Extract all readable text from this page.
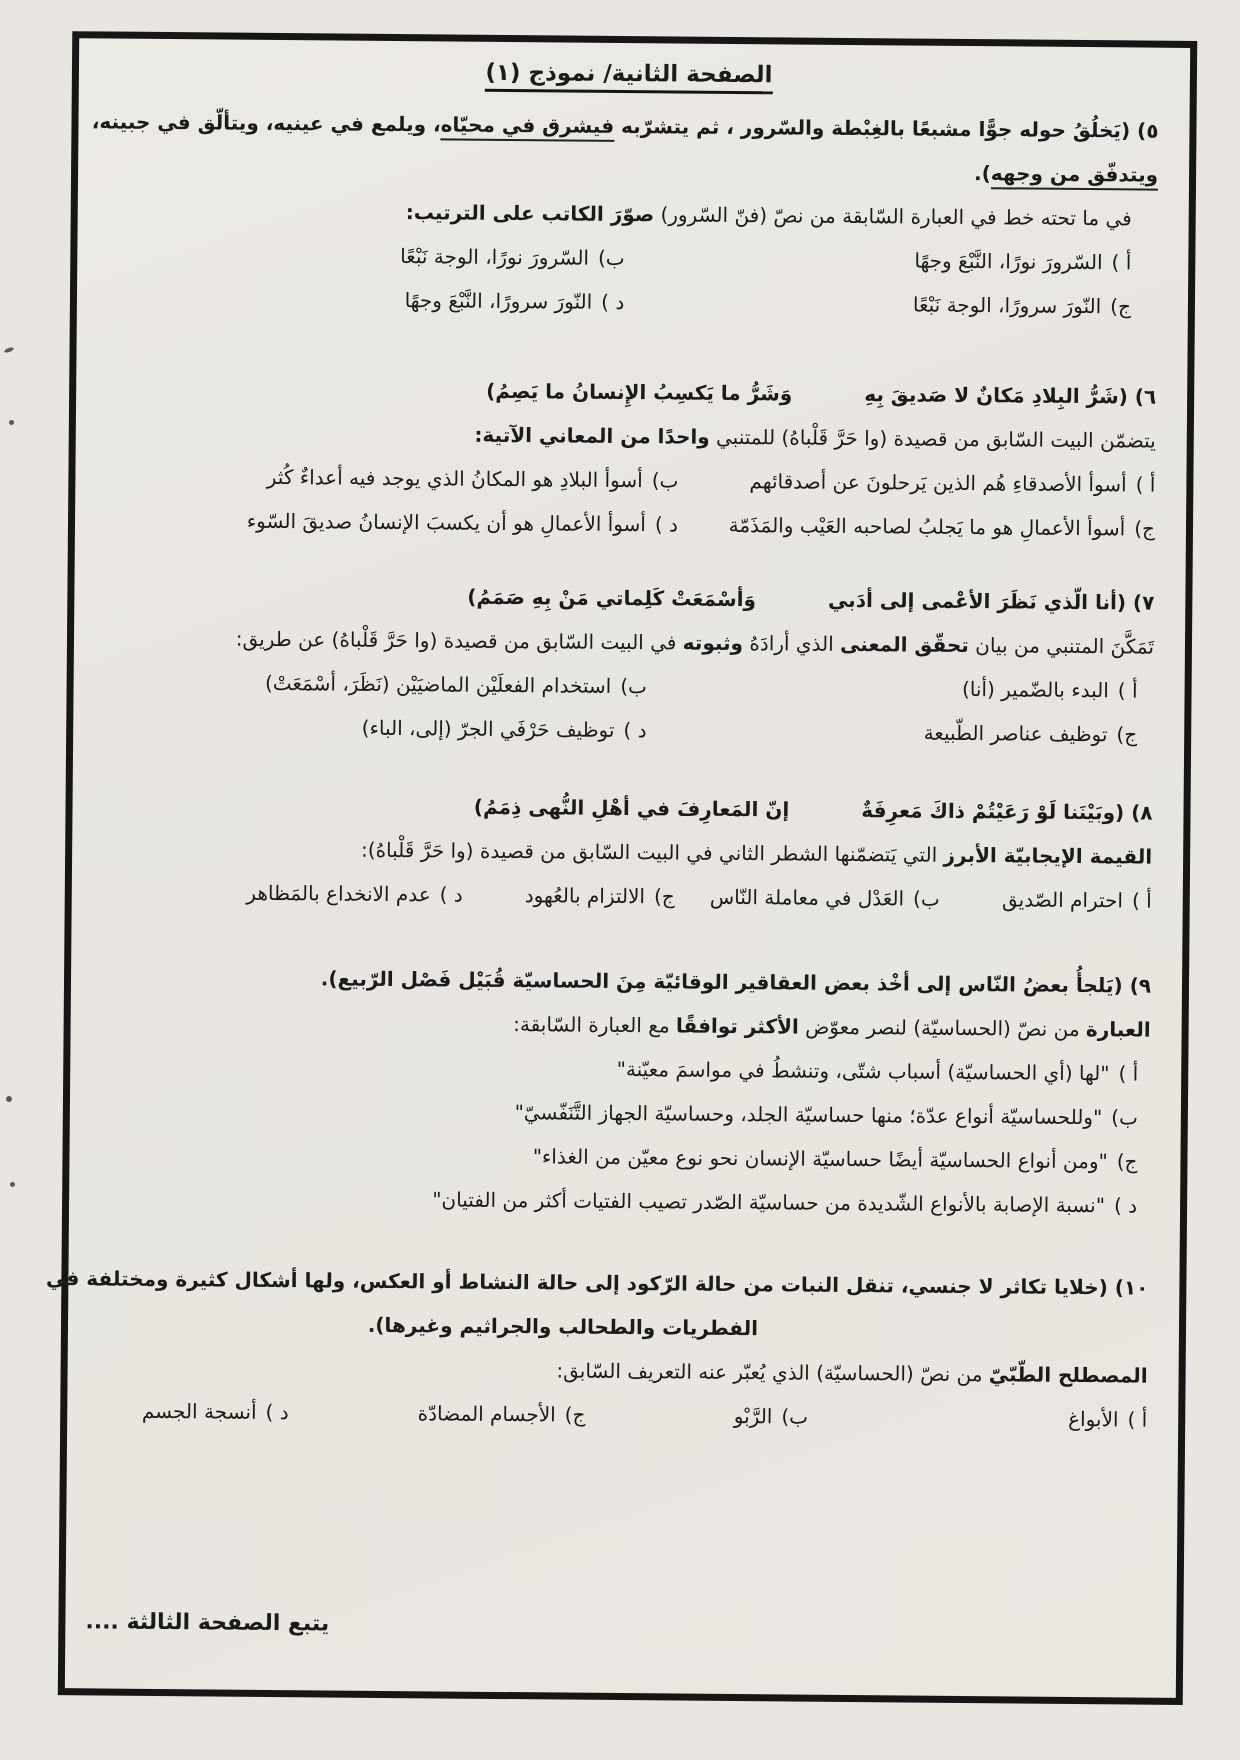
الصفحة الثانية/ نموذج (١)
٥) (يَخلُقُ حوله جوًّا مشبعًا بالغِبْطة والسّرور ، ثم يتشرّبه فيشرق في محيّاه، ويلمع في عينيه، ويتألّق في جبينه،
ويتدفّق من وجهه).
في ما تحته خط في العبارة السّابقة من نصّ (فنّ السّرور) صوّرَ الكاتب على الترتيب:
أ )السّرورَ نورًا، النَّبْعَ وجهًا
ب)السّرورَ نورًا، الوجة نَبْعًا
ج)النّورَ سرورًا، الوجة نَبْعًا
د )النّورَ سرورًا، النَّبْعَ وجهًا
٦) (شَرُّ البِلادِ مَكانٌ لا صَديقَ بِهِوَشَرُّ ما يَكسِبُ الإِنسانُ ما يَصِمُ)
يتضمّن البيت السّابق من قصيدة (وا حَرَّ قَلْباهُ) للمتنبي واحدًا من المعاني الآتية:
أ )أسوأ الأصدقاءِ هُم الذين يَرحلونَ عن أصدقائهم
ب)أسوأ البلادِ هو المكانُ الذي يوجد فيه أعداءٌ كُثر
ج)أسوأ الأعمالِ هو ما يَجلبُ لصاحبه العَيْب والمَذَمّة
د )أسوأ الأعمالِ هو أن يكسبَ الإنسانُ صديقَ السّوء
٧) (أنا الّذي نَظَرَ الأعْمى إلى أدَبيوَأسْمَعَتْ كَلِماتي مَنْ بِهِ صَمَمُ)
تَمَكَّنَ المتنبي من بيان تحقّق المعنى الذي أرادَهُ وثبوته في البيت السّابق من قصيدة (وا حَرَّ قَلْباهُ) عن طريق:
أ )البدء بالضّمير (أنا)
ب)استخدام الفعلَيْن الماضيَيْن (نَظَرَ، أسْمَعَتْ)
ج)توظيف عناصر الطّبيعة
د )توظيف حَرْفَي الجرّ (إلى، الباء)
٨) (وبَيْنَنا لَوْ رَعَيْتُمْ ذاكَ مَعرِفَةٌإنّ المَعارِفَ في أهْلِ النُّهى ذِمَمُ)
القيمة الإيجابيّة الأبرز التي يَتضمّنها الشطر الثاني في البيت السّابق من قصيدة (وا حَرَّ قَلْباهُ):
أ )احترام الصّديق
ب)العَدْل في معاملة النّاس
ج)الالتزام بالعُهود
د )عدم الانخداع بالمَظاهر
٩) (يَلجأُ بعضُ النّاس إلى أخْذ بعض العقاقير الوقائيّة مِنَ الحساسيّة قُبَيْل فَصْل الرّبيع).
العبارة من نصّ (الحساسيّة) لنصر معوّض الأكثر توافقًا مع العبارة السّابقة:
أ )"لها (أي الحساسيّة) أسباب شتّى، وتنشطُ في مواسمَ معيّنة"
ب)"وللحساسيّة أنواع عدّة؛ منها حساسيّة الجلد، وحساسيّة الجهاز التَّنَفّسيّ"
ج)"ومن أنواع الحساسيّة أيضًا حساسيّة الإنسان نحو نوع معيّن من الغذاء"
د )"نسبة الإصابة بالأنواع الشّديدة من حساسيّة الصّدر تصيب الفتيات أكثر من الفتيان"
١٠) (خلايا تكاثر لا جنسي، تنقل النبات من حالة الرّكود إلى حالة النشاط أو العكس، ولها أشكال كثيرة ومختلفة في
الفطريات والطحالب والجراثيم وغيرها).
المصطلح الطّبّيّ من نصّ (الحساسيّة) الذي يُعبّر عنه التعريف السّابق:
أ )الأبواغ
ب)الرَّبْو
ج)الأجسام المضادّة
د )أنسجة الجسم
يتبع الصفحة الثالثة ....
